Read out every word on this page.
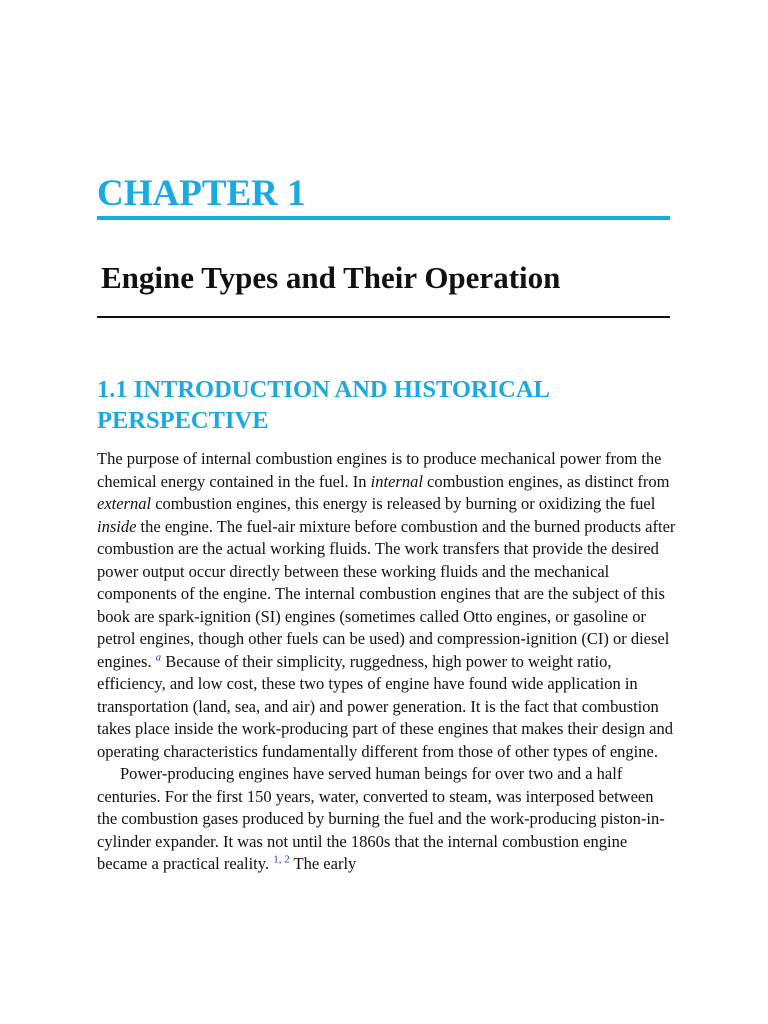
CHAPTER 1
Engine Types and Their Operation
1.1 INTRODUCTION AND HISTORICAL PERSPECTIVE

The purpose of internal combustion engines is to produce mechanical power from the chemical energy contained in the fuel. In internal combustion engines, as distinct from external combustion engines, this energy is released by burning or oxidizing the fuel inside the engine. The fuel-air mixture before combustion and the burned products after combustion are the actual working fluids. The work transfers that provide the desired power output occur directly between these working fluids and the mechanical components of the engine. The internal combustion engines that are the subject of this book are spark-ignition (SI) engines (sometimes called Otto engines, or gasoline or petrol engines, though other fuels can be used) and compression-ignition (CI) or diesel engines. $^a$ Because of their simplicity, ruggedness, high power to weight ratio, efficiency, and low cost, these two types of engine have found wide application in transportation (land, sea, and air) and power generation. It is the fact that combustion takes place inside the work-producing part of these engines that makes their design and operating characteristics fundamentally different from those of other types of engine.

Power-producing engines have served human beings for over two and a half centuries. For the first 150 years, water, converted to steam, was interposed between the combustion gases produced by burning the fuel and the work-producing piston-in-cylinder expander. It was not until the 1860s that the internal combustion engine became a practical reality. $^{1, 2}$ The early
